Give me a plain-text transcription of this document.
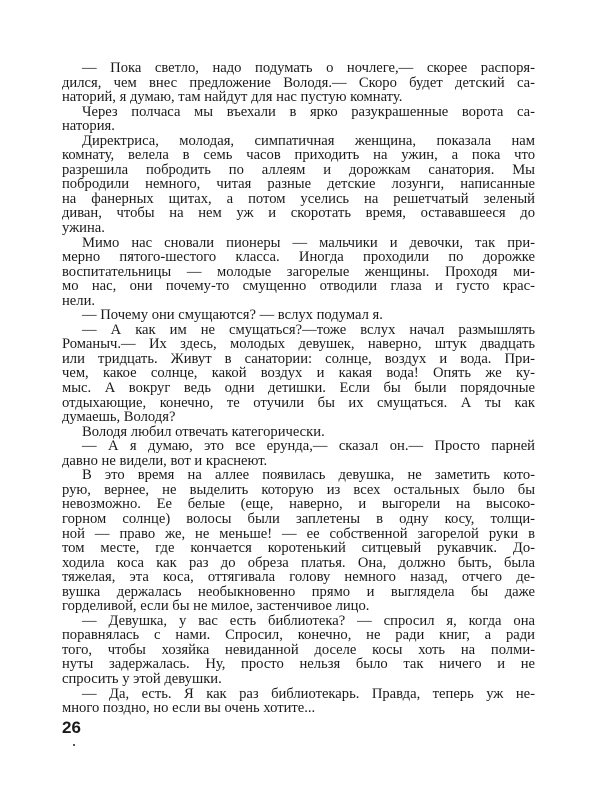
— Пока светло, надо подумать о ночлеге,— скорее распоря-
дился, чем внес предложение Володя.— Скоро будет детский са-
наторий, я думаю, там найдут для нас пустую комнату.
Через полчаса мы въехали в ярко разукрашенные ворота са-
натория.
Директриса, молодая, симпатичная женщина, показала нам
комнату, велела в семь часов приходить на ужин, а пока что
разрешила побродить по аллеям и дорожкам санатория. Мы
побродили немного, читая разные детские лозунги, написанные
на фанерных щитах, а потом уселись на решетчатый зеленый
диван, чтобы на нем уж и скоротать время, остававшееся до
ужина.
Мимо нас сновали пионеры — мальчики и девочки, так при-
мерно пятого-шестого класса. Иногда проходили по дорожке
воспитательницы — молодые загорелые женщины. Проходя ми-
мо нас, они почему-то смущенно отводили глаза и густо крас-
нели.
— Почему они смущаются? — вслух подумал я.
— А как им не смущаться?—тоже вслух начал размышлять
Романыч.— Их здесь, молодых девушек, наверно, штук двадцать
или тридцать. Живут в санатории: солнце, воздух и вода. При-
чем, какое солнце, какой воздух и какая вода! Опять же ку-
мыс. А вокруг ведь одни детишки. Если бы были порядочные
отдыхающие, конечно, те отучили бы их смущаться. А ты как
думаешь, Володя?
Володя любил отвечать категорически.
— А я думаю, это все ерунда,— сказал он.— Просто парней
давно не видели, вот и краснеют.
В это время на аллее появилась девушка, не заметить кото-
рую, вернее, не выделить которую из всех остальных было бы
невозможно. Ее белые (еще, наверно, и выгорели на высоко-
горном солнце) волосы были заплетены в одну косу, толщи-
ной — право же, не меньше! — ее собственной загорелой руки в
том месте, где кончается коротенький ситцевый рукавчик. До-
ходила коса как раз до обреза платья. Она, должно быть, была
тяжелая, эта коса, оттягивала голову немного назад, отчего де-
вушка держалась необыкновенно прямо и выглядела бы даже
горделивой, если бы не милое, застенчивое лицо.
— Девушка, у вас есть библиотека? — спросил я, когда она
поравнялась с нами. Спросил, конечно, не ради книг, а ради
того, чтобы хозяйка невиданной доселе косы хоть на полми-
нуты задержалась. Ну, просто нельзя было так ничего и не
спросить у этой девушки.
— Да, есть. Я как раз библиотекарь. Правда, теперь уж не-
много поздно, но если вы очень хотите...
26
